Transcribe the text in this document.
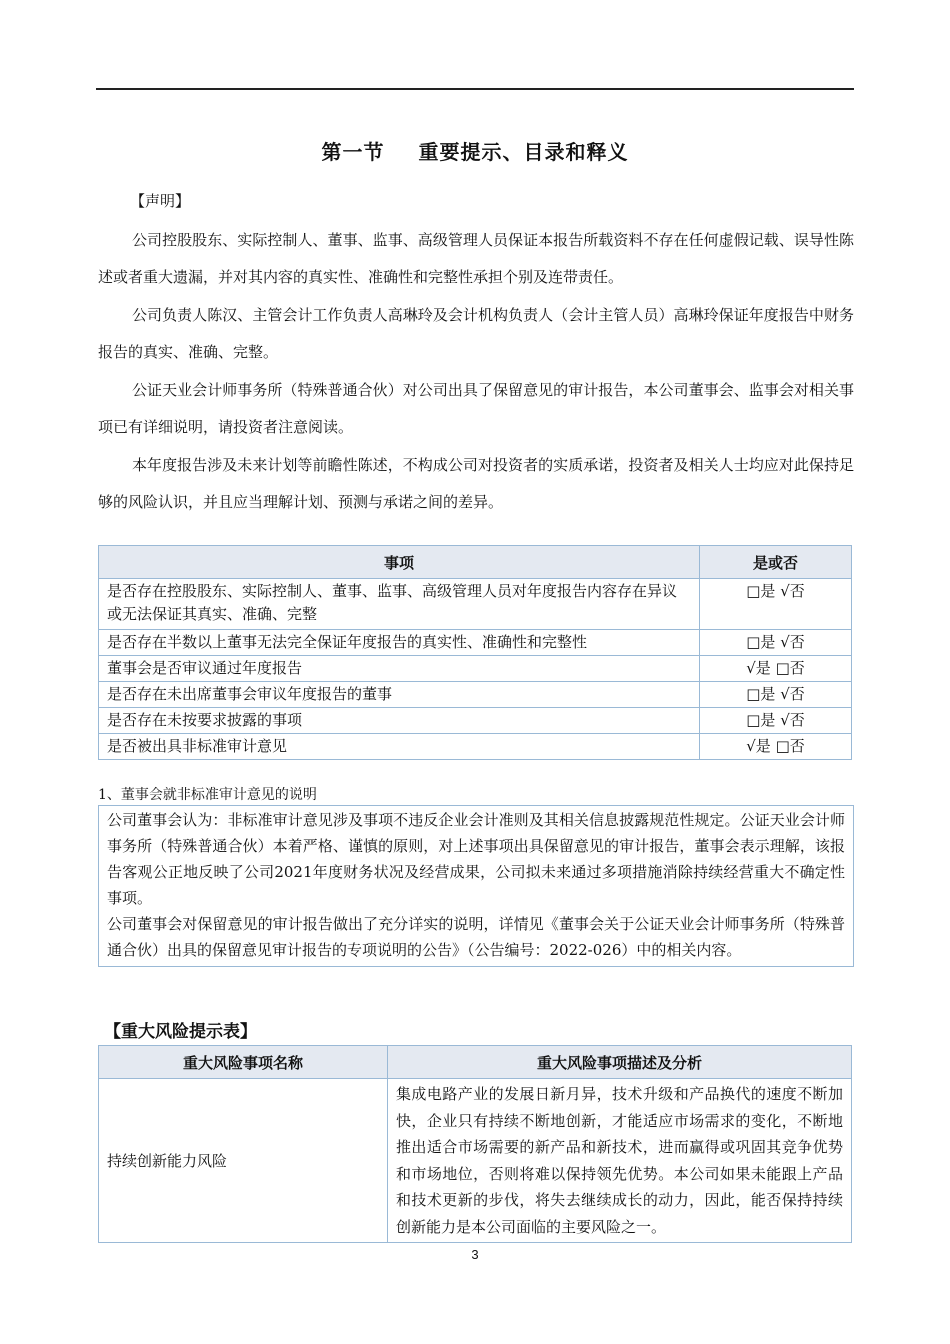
第一节 重要提示、目录和释义
【声明】
公司控股股东、实际控制人、董事、监事、高级管理人员保证本报告所载资料不存在任何虚假记载、误导性陈述或者重大遗漏，并对其内容的真实性、准确性和完整性承担个别及连带责任。
公司负责人陈汉、主管会计工作负责人高琳玲及会计机构负责人（会计主管人员）高琳玲保证年度报告中财务报告的真实、准确、完整。
公证天业会计师事务所（特殊普通合伙）对公司出具了保留意见的审计报告，本公司董事会、监事会对相关事项已有详细说明，请投资者注意阅读。
本年度报告涉及未来计划等前瞻性陈述，不构成公司对投资者的实质承诺，投资者及相关人士均应对此保持足够的风险认识，并且应当理解计划、预测与承诺之间的差异。
事项	是或否
是否存在控股股东、实际控制人、董事、监事、高级管理人员对年度报告内容存在异议或无法保证其真实、准确、完整	□是 √否
是否存在半数以上董事无法完全保证年度报告的真实性、准确性和完整性	□是 √否
董事会是否审议通过年度报告	√是 □否
是否存在未出席董事会审议年度报告的董事	□是 √否
是否存在未按要求披露的事项	□是 √否
是否被出具非标准审计意见	√是 □否
1、董事会就非标准审计意见的说明
公司董事会认为：非标准审计意见涉及事项不违反企业会计准则及其相关信息披露规范性规定。公证天业会计师事务所（特殊普通合伙）本着严格、谨慎的原则，对上述事项出具保留意见的审计报告，董事会表示理解，该报告客观公正地反映了公司2021年度财务状况及经营成果，公司拟未来通过多项措施消除持续经营重大不确定性事项。
公司董事会对保留意见的审计报告做出了充分详实的说明，详情见《董事会关于公证天业会计师事务所（特殊普通合伙）出具的保留意见审计报告的专项说明的公告》（公告编号：2022-026）中的相关内容。
【重大风险提示表】
重大风险事项名称	重大风险事项描述及分析
持续创新能力风险	集成电路产业的发展日新月异，技术升级和产品换代的速度不断加快，企业只有持续不断地创新，才能适应市场需求的变化，不断地推出适合市场需要的新产品和新技术，进而赢得或巩固其竞争优势和市场地位，否则将难以保持领先优势。本公司如果未能跟上产品和技术更新的步伐，将失去继续成长的动力，因此，能否保持持续创新能力是本公司面临的主要风险之一。
3
